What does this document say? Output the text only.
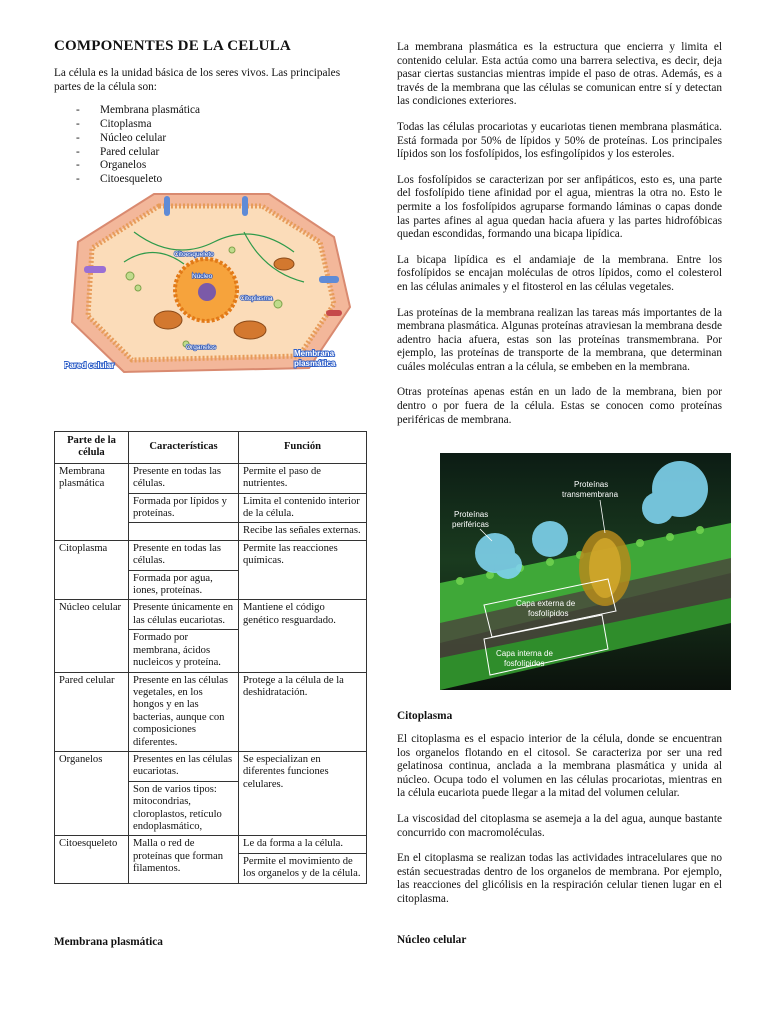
COMPONENTES DE LA CELULA

La célula es la unidad básica de los seres vivos. Las principales partes de la célula son:

- Membrana plasmática
- Citoplasma
- Núcleo celular
- Pared celular
- Organelos
- Citoesqueleto
Citoesqueleto
Núcleo
Citoplasma
Organelos
Pared celular
Membrana
plasmática
Parte de la célula	Características	Función
Membrana plasmática	Presente en todas las células.	Permite el paso de nutrientes.
	Formada por lípidos y proteínas.	Limita el contenido interior de la célula.
		Recibe las señales externas.
Citoplasma	Presente en todas las células.	Permite las reacciones químicas.
	Formada por agua, iones, proteínas.	
Núcleo celular	Presente únicamente en las células eucariotas.	Mantiene el código genético resguardado.
	Formado por membrana, ácidos nucleicos y proteína.	
Pared celular	Presente en las células vegetales, en los hongos y en las bacterias, aunque con composiciones diferentes.	Protege a la célula de la deshidratación.
Organelos	Presentes en las células eucariotas.	Se especializan en diferentes funciones celulares.
	Son de varios tipos: mitocondrias, cloroplastos, retículo endoplasmático,	
Citoesqueleto	Malla o red de proteínas que forman filamentos.	Le da forma a la célula.
		Permite el movimiento de los organelos y de la célula.
Membrana plasmática

La membrana plasmática es la estructura que encierra y limita el contenido celular. Esta actúa como una barrera selectiva, es decir, deja pasar ciertas sustancias mientras impide el paso de otras. Además, es a través de la membrana que las células se comunican entre sí y detectan las condiciones exteriores.

Todas las células procariotas y eucariotas tienen membrana plasmática. Está formada por 50% de lípidos y 50% de proteínas. Los principales lípidos son los fosfolípidos, los esfingolípidos y los esteroles.

Los fosfolípidos se caracterizan por ser anfipáticos, esto es, una parte del fosfolípido tiene afinidad por el agua, mientras la otra no. Esto le permite a los fosfolípidos agruparse formando láminas o capas donde las partes afines al agua quedan hacia afuera y las partes hidrofóbicas quedan escondidas, formando una bicapa lipídica.

La bicapa lipídica es el andamiaje de la membrana. Entre los fosfolípidos se encajan moléculas de otros lípidos, como el colesterol en las células animales y el fitosterol en las células vegetales.

Las proteínas de la membrana realizan las tareas más importantes de la membrana plasmática. Algunas proteínas atraviesan la membrana desde adentro hacia afuera, estas son las proteínas transmembrana. Por ejemplo, las proteínas de transporte de la membrana, que determinan cuáles moléculas entran a la célula, se embeben en la membrana.

Otras proteínas apenas están en un lado de la membrana, bien por dentro o por fuera de la célula. Estas se conocen como proteínas periféricas de membrana.

Proteínas
transmembrana
Proteínas
periféricas
Capa externa de
fosfolípidos
Capa interna de
fosfolípidos
Citoplasma

El citoplasma es el espacio interior de la célula, donde se encuentran los organelos flotando en el citosol. Se caracteriza por ser una red gelatinosa continua, anclada a la membrana plasmática y unida al núcleo. Ocupa todo el volumen en las células procariotas, mientras en la célula eucariota puede llegar a la mitad del volumen celular.

La viscosidad del citoplasma se asemeja a la del agua, aunque bastante concurrido con macromoléculas.

En el citoplasma se realizan todas las actividades intracelulares que no están secuestradas dentro de los organelos de membrana. Por ejemplo, las reacciones del glicólisis en la respiración celular tienen lugar en el citoplasma.

Núcleo celular
